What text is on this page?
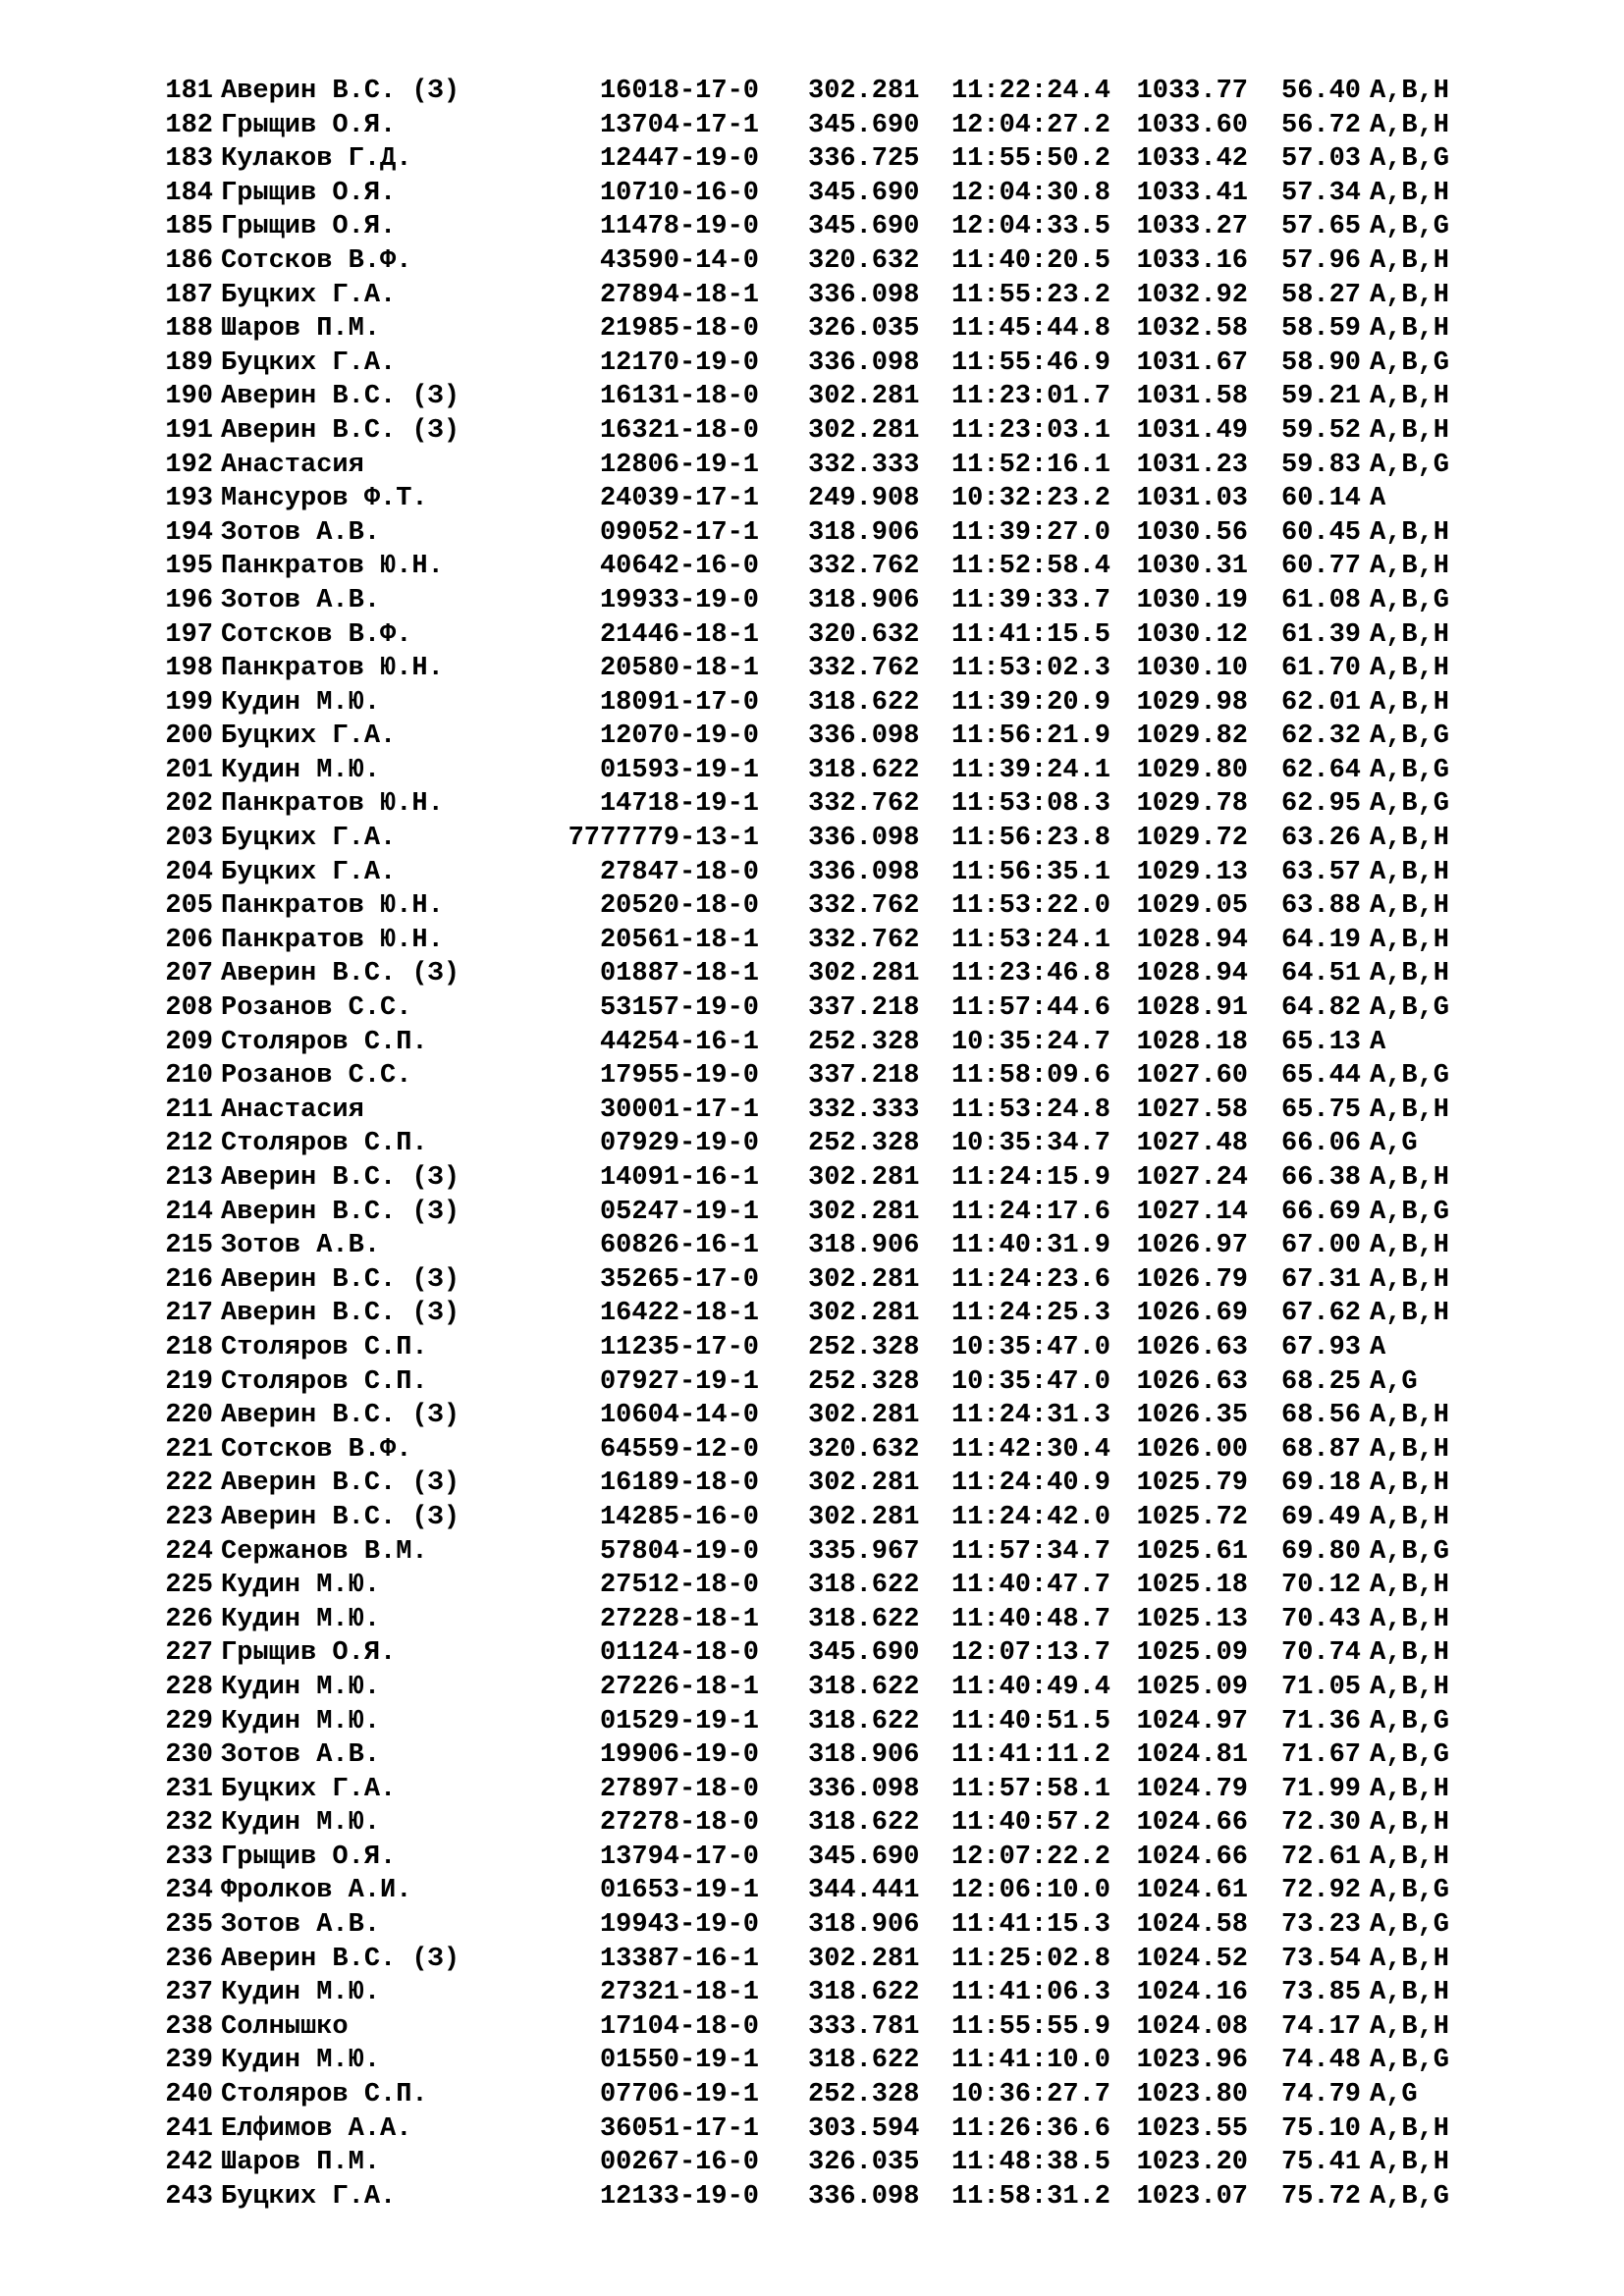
181 Аверин В.С. (З)	16018-17-0 302.281	11:22:24.4 1033.77 56.40 A,B,H
182 Грыщив О.Я.	13704-17-1 345.690	12:04:27.2 1033.60 56.72 A,B,H
183 Кулаков Г.Д.	12447-19-0 336.725	11:55:50.2 1033.42 57.03 A,B,G
184 Грыщив О.Я.	10710-16-0 345.690	12:04:30.8 1033.41 57.34 A,B,H
185 Грыщив О.Я.	11478-19-0 345.690	12:04:33.5 1033.27 57.65 A,B,G
186 Сотсков В.Ф.	43590-14-0 320.632	11:40:20.5 1033.16 57.96 A,B,H
187 Буцких Г.А.	27894-18-1 336.098	11:55:23.2 1032.92 58.27 A,B,H
188 Шаров П.М.	21985-18-0 326.035	11:45:44.8 1032.58 58.59 A,B,H
189 Буцких Г.А.	12170-19-0 336.098	11:55:46.9 1031.67 58.90 A,B,G
190 Аверин В.С. (З)	16131-18-0 302.281	11:23:01.7 1031.58 59.21 A,B,H
191 Аверин В.С. (З)	16321-18-0 302.281	11:23:03.1 1031.49 59.52 A,B,H
192 Анастасия	12806-19-1 332.333	11:52:16.1 1031.23 59.83 A,B,G
193 Мансуров Ф.Т.	24039-17-1 249.908	10:32:23.2 1031.03 60.14 A
194 Зотов А.В.	09052-17-1 318.906	11:39:27.0 1030.56 60.45 A,B,H
195 Панкратов Ю.Н.	40642-16-0 332.762	11:52:58.4 1030.31 60.77 A,B,H
196 Зотов А.В.	19933-19-0 318.906	11:39:33.7 1030.19 61.08 A,B,G
197 Сотсков В.Ф.	21446-18-1 320.632	11:41:15.5 1030.12 61.39 A,B,H
198 Панкратов Ю.Н.	20580-18-1 332.762	11:53:02.3 1030.10 61.70 A,B,H
199 Кудин М.Ю.	18091-17-0 318.622	11:39:20.9 1029.98 62.01 A,B,H
200 Буцких Г.А.	12070-19-0 336.098	11:56:21.9 1029.82 62.32 A,B,G
201 Кудин М.Ю.	01593-19-1 318.622	11:39:24.1 1029.80 62.64 A,B,G
202 Панкратов Ю.Н.	14718-19-1 332.762	11:53:08.3 1029.78 62.95 A,B,G
203 Буцких Г.А.	7777779-13-1 336.098	11:56:23.8 1029.72 63.26 A,B,H
204 Буцких Г.А.	27847-18-0 336.098	11:56:35.1 1029.13 63.57 A,B,H
205 Панкратов Ю.Н.	20520-18-0 332.762	11:53:22.0 1029.05 63.88 A,B,H
206 Панкратов Ю.Н.	20561-18-1 332.762	11:53:24.1 1028.94 64.19 A,B,H
207 Аверин В.С. (З)	01887-18-1 302.281	11:23:46.8 1028.94 64.51 A,B,H
208 Розанов С.С.	53157-19-0 337.218	11:57:44.6 1028.91 64.82 A,B,G
209 Столяров С.П.	44254-16-1 252.328	10:35:24.7 1028.18 65.13 A
210 Розанов С.С.	17955-19-0 337.218	11:58:09.6 1027.60 65.44 A,B,G
211 Анастасия	30001-17-1 332.333	11:53:24.8 1027.58 65.75 A,B,H
212 Столяров С.П.	07929-19-0 252.328	10:35:34.7 1027.48 66.06 A,G
213 Аверин В.С. (З)	14091-16-1 302.281	11:24:15.9 1027.24 66.38 A,B,H
214 Аверин В.С. (З)	05247-19-1 302.281	11:24:17.6 1027.14 66.69 A,B,G
215 Зотов А.В.	60826-16-1 318.906	11:40:31.9 1026.97 67.00 A,B,H
216 Аверин В.С. (З)	35265-17-0 302.281	11:24:23.6 1026.79 67.31 A,B,H
217 Аверин В.С. (З)	16422-18-1 302.281	11:24:25.3 1026.69 67.62 A,B,H
218 Столяров С.П.	11235-17-0 252.328	10:35:47.0 1026.63 67.93 A
219 Столяров С.П.	07927-19-1 252.328	10:35:47.0 1026.63 68.25 A,G
220 Аверин В.С. (З)	10604-14-0 302.281	11:24:31.3 1026.35 68.56 A,B,H
221 Сотсков В.Ф.	64559-12-0 320.632	11:42:30.4 1026.00 68.87 A,B,H
222 Аверин В.С. (З)	16189-18-0 302.281	11:24:40.9 1025.79 69.18 A,B,H
223 Аверин В.С. (З)	14285-16-0 302.281	11:24:42.0 1025.72 69.49 A,B,H
224 Сержанов В.М.	57804-19-0 335.967	11:57:34.7 1025.61 69.80 A,B,G
225 Кудин М.Ю.	27512-18-0 318.622	11:40:47.7 1025.18 70.12 A,B,H
226 Кудин М.Ю.	27228-18-1 318.622	11:40:48.7 1025.13 70.43 A,B,H
227 Грыщив О.Я.	01124-18-0 345.690	12:07:13.7 1025.09 70.74 A,B,H
228 Кудин М.Ю.	27226-18-1 318.622	11:40:49.4 1025.09 71.05 A,B,H
229 Кудин М.Ю.	01529-19-1 318.622	11:40:51.5 1024.97 71.36 A,B,G
230 Зотов А.В.	19906-19-0 318.906	11:41:11.2 1024.81 71.67 A,B,G
231 Буцких Г.А.	27897-18-0 336.098	11:57:58.1 1024.79 71.99 A,B,H
232 Кудин М.Ю.	27278-18-0 318.622	11:40:57.2 1024.66 72.30 A,B,H
233 Грыщив О.Я.	13794-17-0 345.690	12:07:22.2 1024.66 72.61 A,B,H
234 Фролков А.И.	01653-19-1 344.441	12:06:10.0 1024.61 72.92 A,B,G
235 Зотов А.В.	19943-19-0 318.906	11:41:15.3 1024.58 73.23 A,B,G
236 Аверин В.С. (З)	13387-16-1 302.281	11:25:02.8 1024.52 73.54 A,B,H
237 Кудин М.Ю.	27321-18-1 318.622	11:41:06.3 1024.16 73.85 A,B,H
238 Солнышко	17104-18-0 333.781	11:55:55.9 1024.08 74.17 A,B,H
239 Кудин М.Ю.	01550-19-1 318.622	11:41:10.0 1023.96 74.48 A,B,G
240 Столяров С.П.	07706-19-1 252.328	10:36:27.7 1023.80 74.79 A,G
241 Елфимов А.А.	36051-17-1 303.594	11:26:36.6 1023.55 75.10 A,B,H
242 Шаров П.М.	00267-16-0 326.035	11:48:38.5 1023.20 75.41 A,B,H
243 Буцких Г.А.	12133-19-0 336.098	11:58:31.2 1023.07 75.72 A,B,G
